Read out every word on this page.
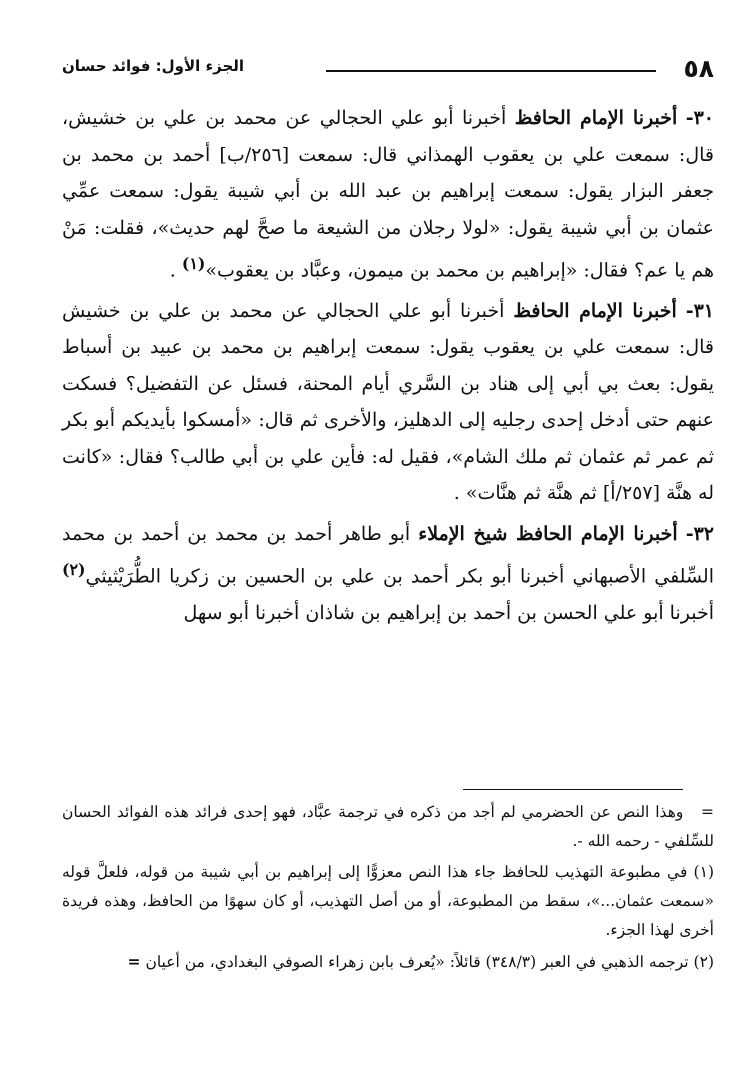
٥٨
الجزء الأول: فوائد حسان

٣٠- أخبرنا الإمام الحافظ أخبرنا أبو علي الحجالي عن محمد بن علي بن خشيش، قال: سمعت علي بن يعقوب الهمذاني قال: سمعت [٢٥٦/ب] أحمد بن محمد بن جعفر البزار يقول: سمعت إبراهيم بن عبد الله بن أبي شيبة يقول: سمعت عمِّي عثمان بن أبي شيبة يقول: «لولا رجلان من الشيعة ما صحَّ لهم حديث»، فقلت: مَنْ هم يا عم؟ فقال: «إبراهيم بن محمد بن ميمون، وعبَّاد بن يعقوب»$^{(١)}$ .

٣١- أخبرنا الإمام الحافظ أخبرنا أبو علي الحجالي عن محمد بن علي بن خشيش قال: سمعت علي بن يعقوب يقول: سمعت إبراهيم بن محمد بن عبيد بن أسباط يقول: بعث بي أبي إلى هناد بن السَّري أيام المحنة، فسئل عن التفضيل؟ فسكت عنهم حتى أدخل إحدى رجليه إلى الدهليز، والأخرى ثم قال: «أمسكوا بأيديكم أبو بكر ثم عمر ثم عثمان ثم ملك الشام»، فقيل له: فأين علي بن أبي طالب؟ فقال: «كانت له هنَّة [٢٥٧/أ] ثم هنَّة ثم هنَّات» .

٣٢- أخبرنا الإمام الحافظ شيخ الإملاء أبو طاهر أحمد بن محمد بن أحمد بن محمد السِّلفي الأصبهاني أخبرنا أبو بكر أحمد بن علي بن الحسين بن زكريا الطُّرَيْثيثي$^{(٢)}$ أخبرنا أبو علي الحسن بن أحمد بن إبراهيم بن شاذان أخبرنا أبو سهل

=   وهذا النص عن الحضرمي لم أجد من ذكره في ترجمة عبَّاد، فهو إحدى فرائد هذه الفوائد الحسان للسِّلفي - رحمه الله -.

(١) في مطبوعة التهذيب للحافظ جاء هذا النص معزوًّا إلى إبراهيم بن أبي شيبة من قوله، فلعلَّ قوله «سمعت عثمان...»، سقط من المطبوعة، أو من أصل التهذيب، أو كان سهوًا من الحافظ، وهذه فريدة أخرى لهذا الجزء.

(٢) ترجمه الذهبي في العبر (٣٤٨/٣) قائلاً: «يُعرف بابن زهراء الصوفي البغدادي، من أعيان =
